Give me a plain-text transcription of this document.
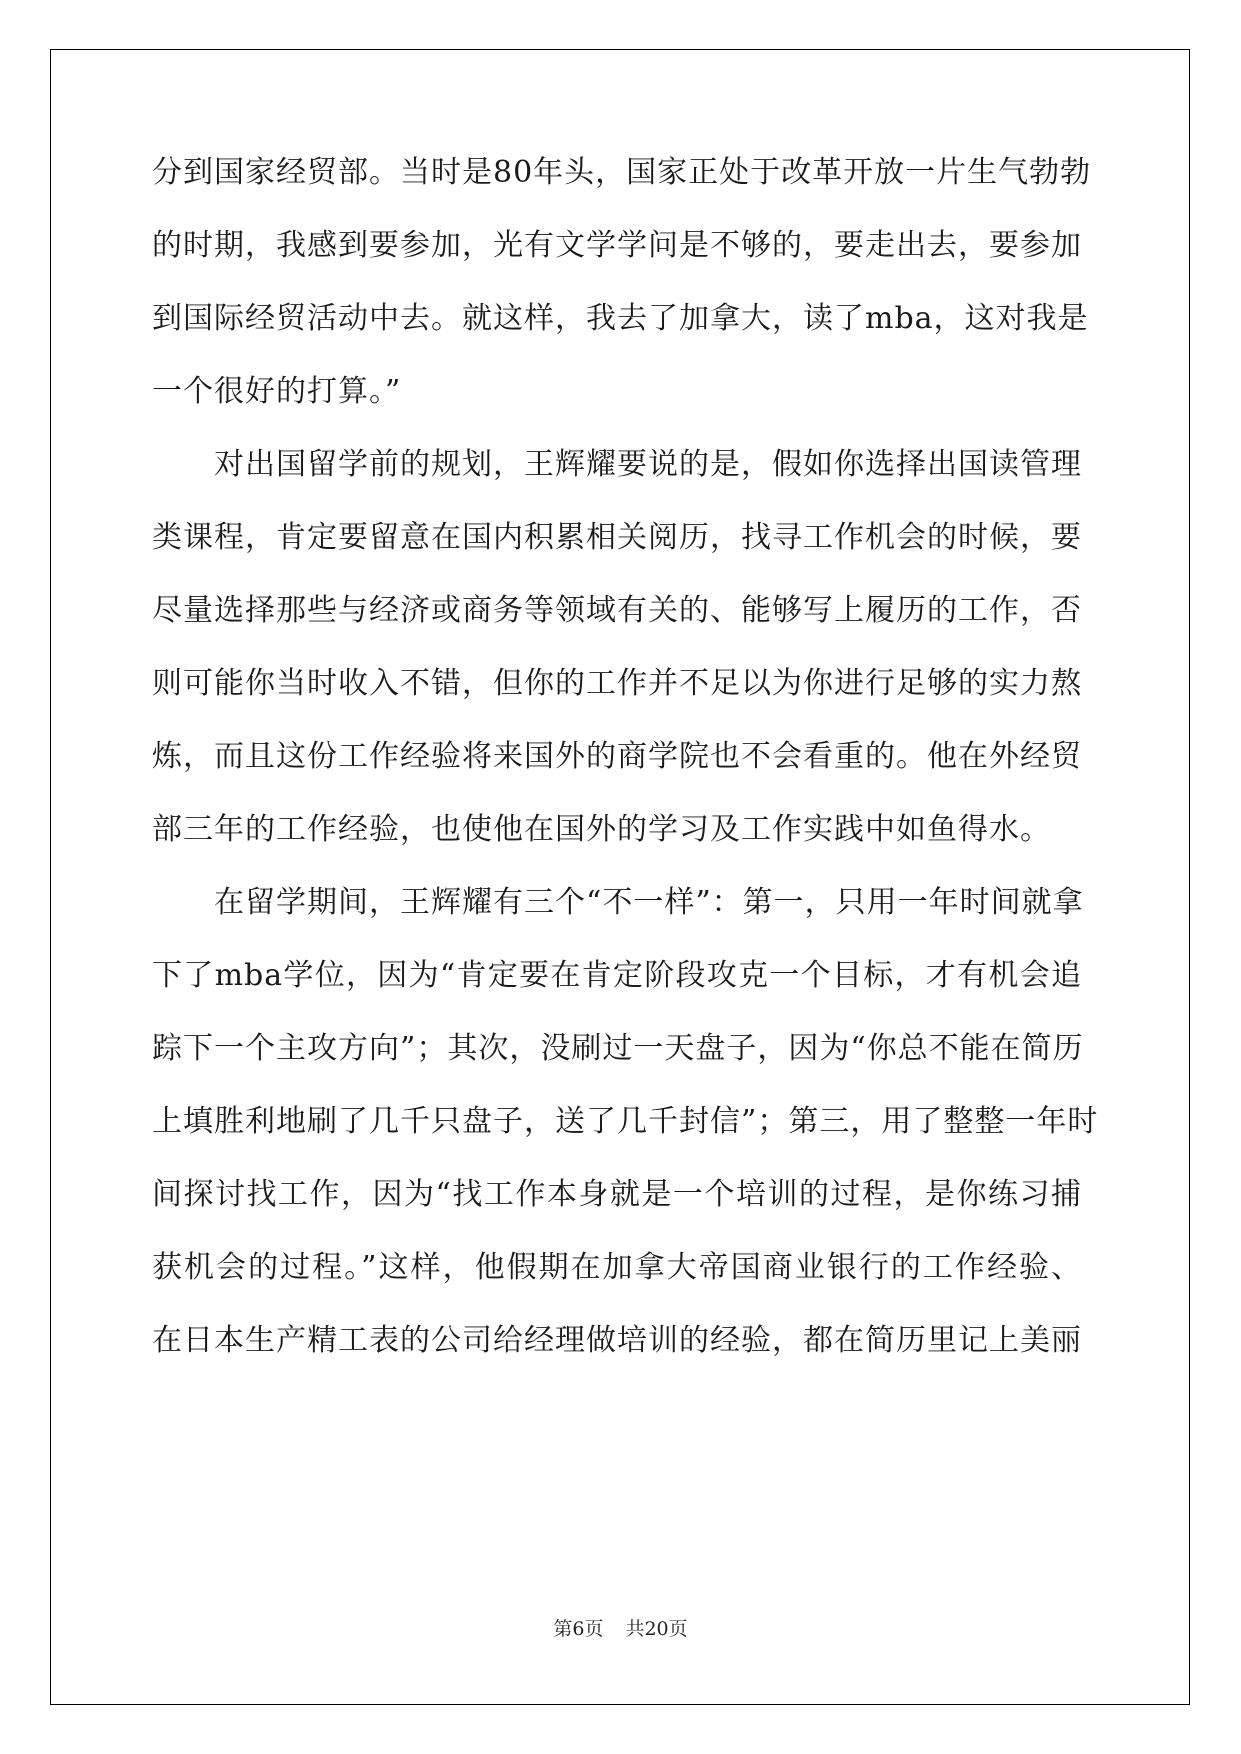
分到国家经贸部。当时是80年头，国家正处于改革开放一片生气勃勃
的时期，我感到要参加，光有文学学问是不够的，要走出去，要参加
到国际经贸活动中去。就这样，我去了加拿大，读了mba，这对我是
一个很好的打算。”
　　对出国留学前的规划，王辉耀要说的是，假如你选择出国读管理
类课程，肯定要留意在国内积累相关阅历，找寻工作机会的时候，要
尽量选择那些与经济或商务等领域有关的、能够写上履历的工作，否
则可能你当时收入不错，但你的工作并不足以为你进行足够的实力熬
炼，而且这份工作经验将来国外的商学院也不会看重的。他在外经贸
部三年的工作经验，也使他在国外的学习及工作实践中如鱼得水。
　　在留学期间，王辉耀有三个“不一样”：第一，只用一年时间就拿
下了mba学位，因为“肯定要在肯定阶段攻克一个目标，才有机会追
踪下一个主攻方向”；其次，没刷过一天盘子，因为“你总不能在简历
上填胜利地刷了几千只盘子，送了几千封信”；第三，用了整整一年时
间探讨找工作，因为“找工作本身就是一个培训的过程，是你练习捕
获机会的过程。”这样，他假期在加拿大帝国商业银行的工作经验、
在日本生产精工表的公司给经理做培训的经验，都在简历里记上美丽
第6页 共20页
